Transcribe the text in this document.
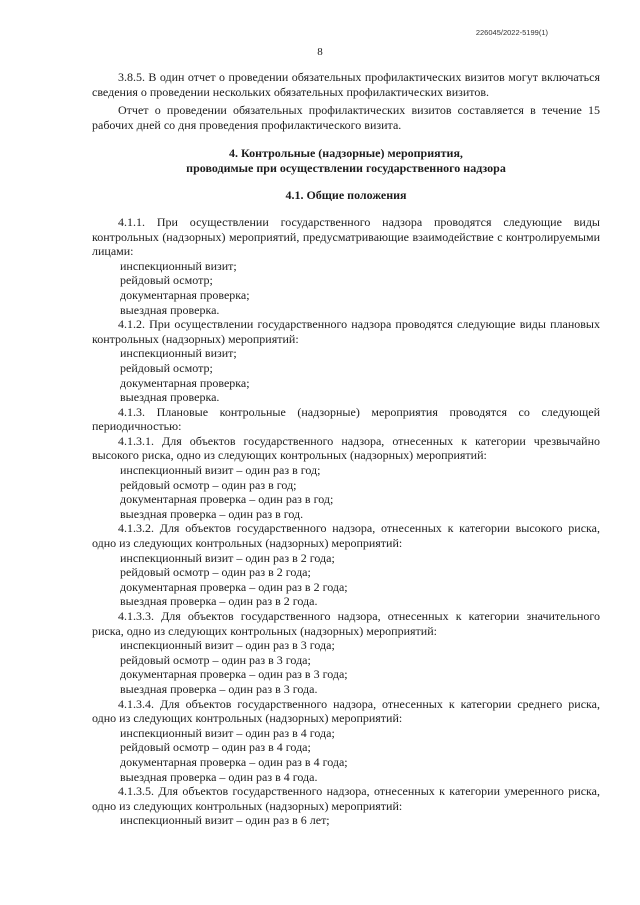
226045/2022-5199(1)
8

3.8.5. В один отчет о проведении обязательных профилактических визитов могут включаться сведения о проведении нескольких обязательных профилактических визитов.

Отчет о проведении обязательных профилактических визитов составляется в течение 15 рабочих дней со дня проведения профилактического визита.

4. Контрольные (надзорные) мероприятия,
проводимые при осуществлении государственного надзора
4.1. Общие положения

4.1.1. При осуществлении государственного надзора проводятся следующие виды контрольных (надзорных) мероприятий, предусматривающие взаимодействие с контролируемыми лицами:

инспекционный визит;

рейдовый осмотр;

документарная проверка;

выездная проверка.

4.1.2. При осуществлении государственного надзора проводятся следующие виды плановых контрольных (надзорных) мероприятий:

инспекционный визит;

рейдовый осмотр;

документарная проверка;

выездная проверка.

4.1.3. Плановые контрольные (надзорные) мероприятия проводятся со следующей периодичностью:

4.1.3.1. Для объектов государственного надзора, отнесенных к категории чрезвычайно высокого риска, одно из следующих контрольных (надзорных) мероприятий:

инспекционный визит – один раз в год;

рейдовый осмотр – один раз в год;

документарная проверка – один раз в год;

выездная проверка – один раз в год.

4.1.3.2. Для объектов государственного надзора, отнесенных к категории высокого риска, одно из следующих контрольных (надзорных) мероприятий:

инспекционный визит – один раз в 2 года;

рейдовый осмотр – один раз в 2 года;

документарная проверка – один раз в 2 года;

выездная проверка – один раз в 2 года.

4.1.3.3. Для объектов государственного надзора, отнесенных к категории значительного риска, одно из следующих контрольных (надзорных) мероприятий:

инспекционный визит – один раз в 3 года;

рейдовый осмотр – один раз в 3 года;

документарная проверка – один раз в 3 года;

выездная проверка – один раз в 3 года.

4.1.3.4. Для объектов государственного надзора, отнесенных к категории среднего риска, одно из следующих контрольных (надзорных) мероприятий:

инспекционный визит – один раз в 4 года;

рейдовый осмотр – один раз в 4 года;

документарная проверка – один раз в 4 года;

выездная проверка – один раз в 4 года.

4.1.3.5. Для объектов государственного надзора, отнесенных к категории умеренного риска, одно из следующих контрольных (надзорных) мероприятий:

инспекционный визит – один раз в 6 лет;
